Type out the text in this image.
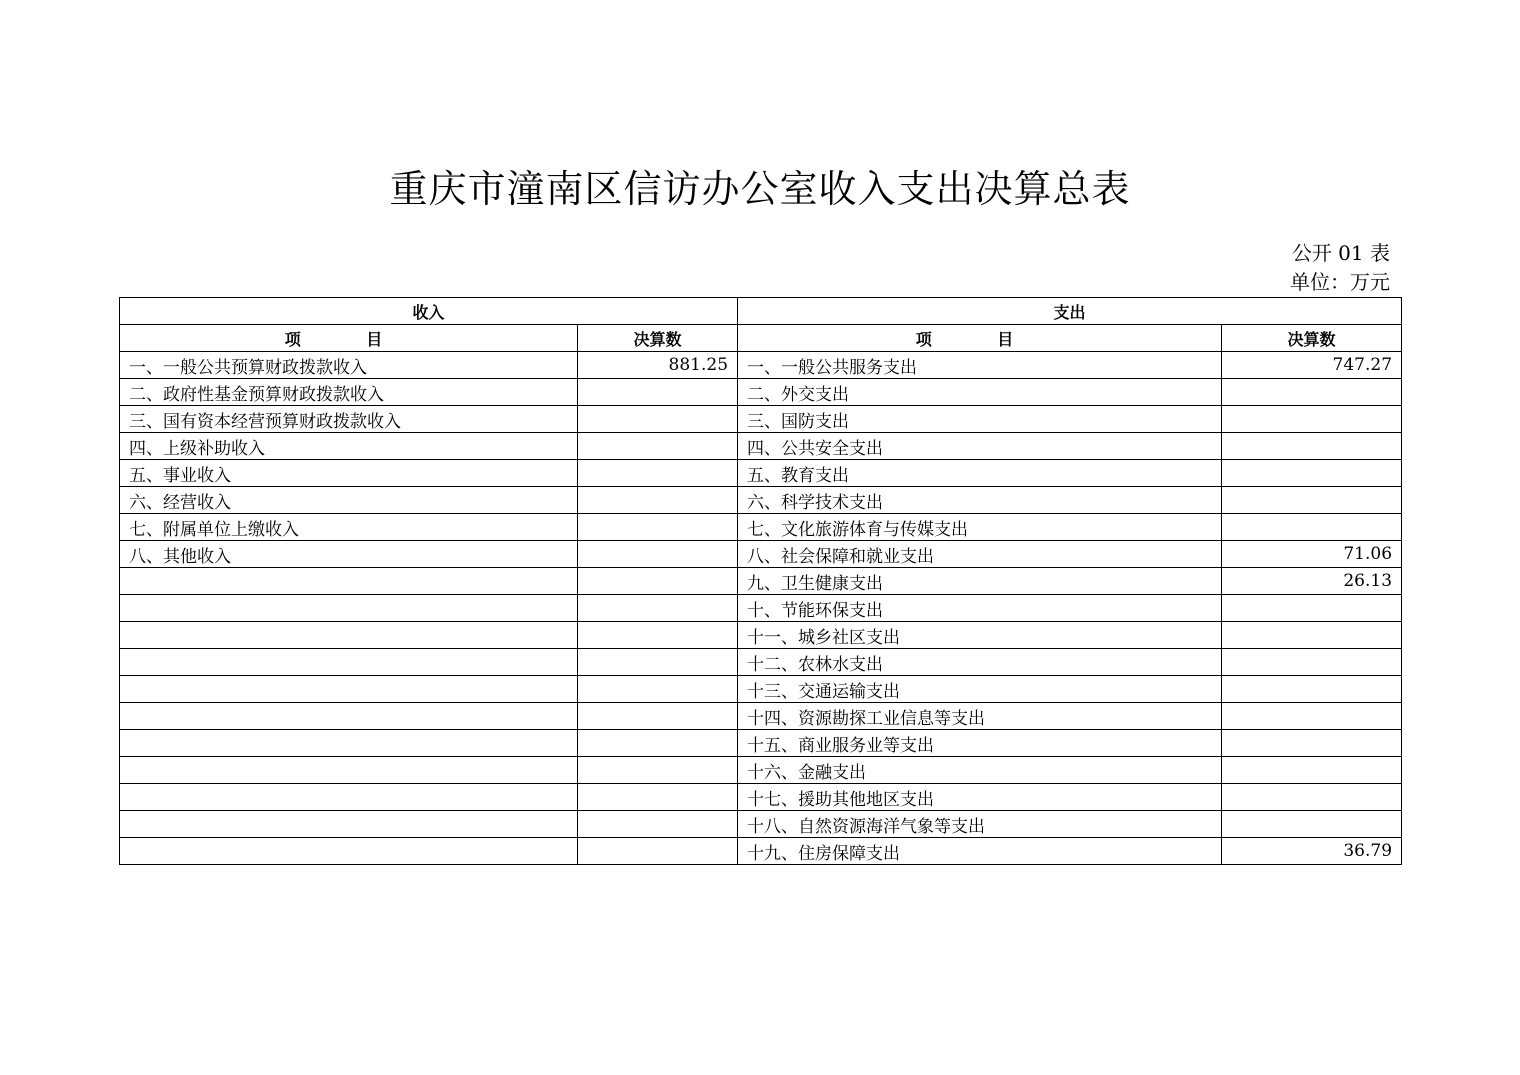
重庆市潼南区信访办公室收入支出决算总表
公开 01 表
单位：万元
收入		支出	
项 目	决算数	项 目	决算数
一、一般公共预算财政拨款收入	881.25	一、一般公共服务支出	747.27
二、政府性基金预算财政拨款收入		二、外交支出	
三、国有资本经营预算财政拨款收入		三、国防支出	
四、上级补助收入		四、公共安全支出	
五、事业收入		五、教育支出	
六、经营收入		六、科学技术支出	
七、附属单位上缴收入		七、文化旅游体育与传媒支出	
八、其他收入		八、社会保障和就业支出	71.06
		九、卫生健康支出	26.13
		十、节能环保支出	
		十一、城乡社区支出	
		十二、农林水支出	
		十三、交通运输支出	
		十四、资源勘探工业信息等支出	
		十五、商业服务业等支出	
		十六、金融支出	
		十七、援助其他地区支出	
		十八、自然资源海洋气象等支出	
		十九、住房保障支出	36.79
